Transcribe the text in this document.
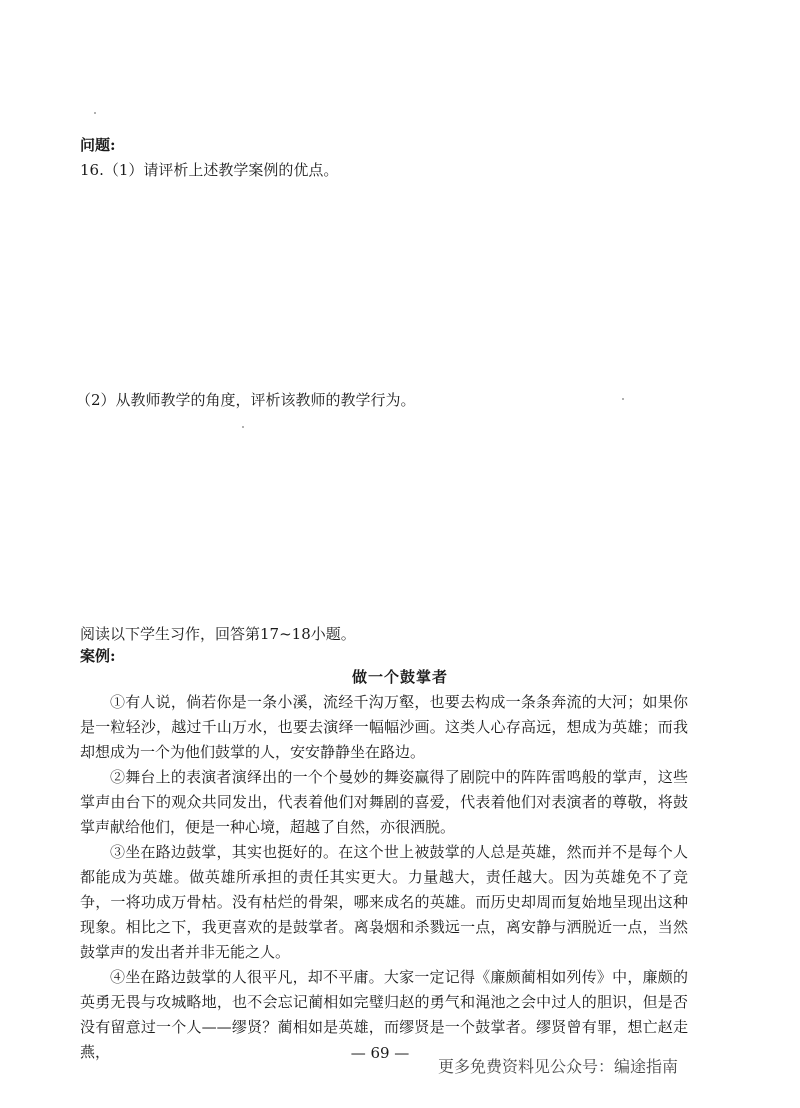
问题:
16.（1）请评析上述教学案例的优点。
（2）从教师教学的角度，评析该教师的教学行为。
阅读以下学生习作，回答第17~18小题。
案例:
做一个鼓掌者

①有人说，倘若你是一条小溪，流经千沟万壑，也要去构成一条条奔流的大河；如果你是一粒轻沙，越过千山万水，也要去演绎一幅幅沙画。这类人心存高远，想成为英雄；而我却想成为一个为他们鼓掌的人，安安静静坐在路边。

②舞台上的表演者演绎出的一个个曼妙的舞姿赢得了剧院中的阵阵雷鸣般的掌声，这些掌声由台下的观众共同发出，代表着他们对舞剧的喜爱，代表着他们对表演者的尊敬，将鼓掌声献给他们，便是一种心境，超越了自然，亦很洒脱。

③坐在路边鼓掌，其实也挺好的。在这个世上被鼓掌的人总是英雄，然而并不是每个人都能成为英雄。做英雄所承担的责任其实更大。力量越大，责任越大。因为英雄免不了竞争，一将功成万骨枯。没有枯烂的骨架，哪来成名的英雄。而历史却周而复始地呈现出这种现象。相比之下，我更喜欢的是鼓掌者。离袅烟和杀戮远一点，离安静与洒脱近一点，当然鼓掌声的发出者并非无能之人。

④坐在路边鼓掌的人很平凡，却不平庸。大家一定记得《廉颇蔺相如列传》中，廉颇的英勇无畏与攻城略地，也不会忘记蔺相如完璧归赵的勇气和渑池之会中过人的胆识，但是否没有留意过一个人——缪贤？蔺相如是英雄，而缪贤是一个鼓掌者。缪贤曾有罪，想亡赵走燕，	— 69 —
更多免费资料见公众号：编途指南
